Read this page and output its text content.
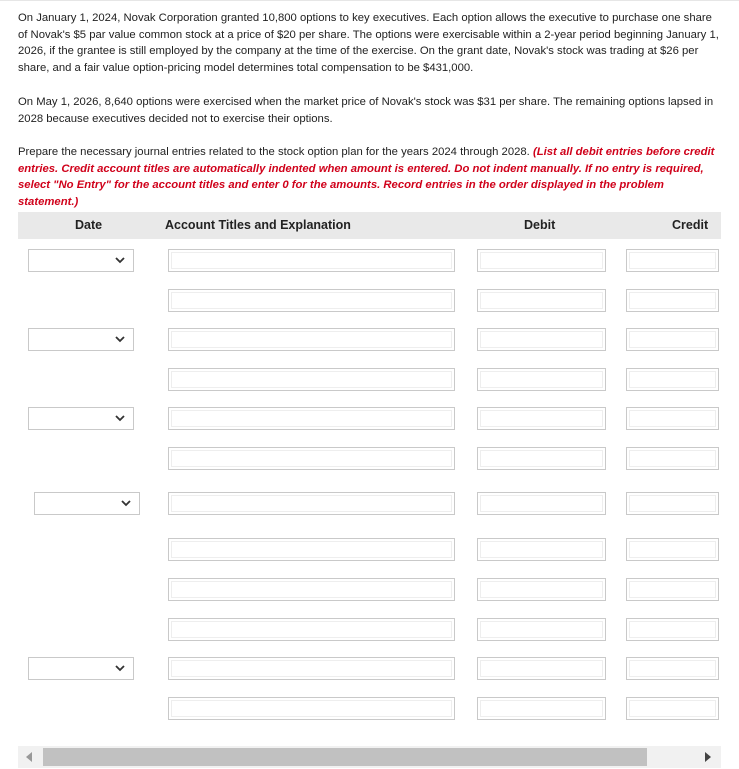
On January 1, 2024, Novak Corporation granted 10,800 options to key executives. Each option allows the executive to purchase one share of Novak's $5 par value common stock at a price of $20 per share. The options were exercisable within a 2-year period beginning January 1, 2026, if the grantee is still employed by the company at the time of the exercise. On the grant date, Novak's stock was trading at $26 per share, and a fair value option-pricing model determines total compensation to be $431,000.

On May 1, 2026, 8,640 options were exercised when the market price of Novak's stock was $31 per share. The remaining options lapsed in 2028 because executives decided not to exercise their options.

Prepare the necessary journal entries related to the stock option plan for the years 2024 through 2028. (List all debit entries before credit entries. Credit account titles are automatically indented when amount is entered. Do not indent manually. If no entry is required, select "No Entry" for the account titles and enter 0 for the amounts. Record entries in the order displayed in the problem statement.)

Date	Account Titles and Explanation	Debit	Credit
